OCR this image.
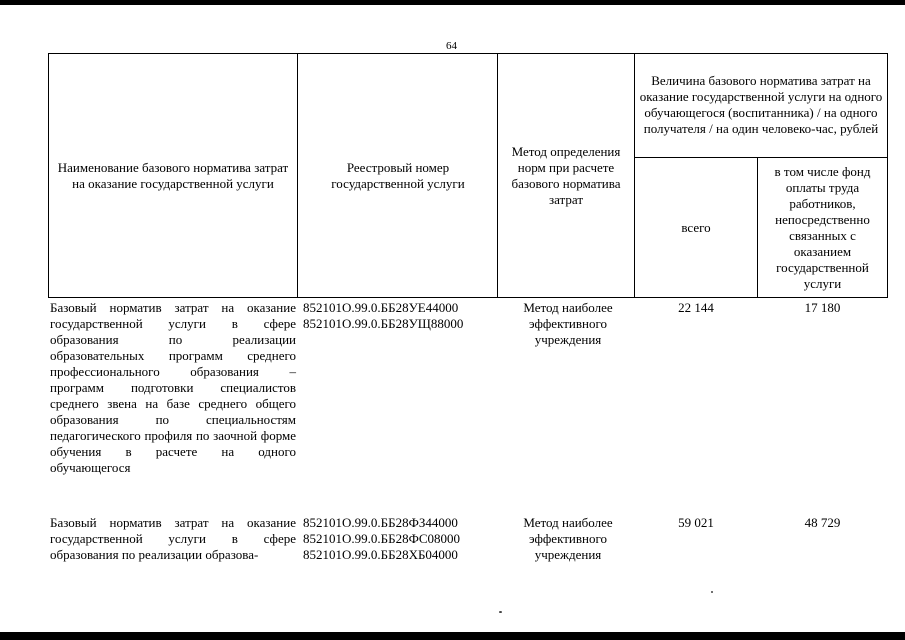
64
Наименование базового норматива затрат на оказание государственной услуги
Реестровый номер государственной услуги
Метод определения норм при расчете базового норматива затрат
Величина базового норматива затрат на оказание государственной услуги на одного обучающегося (воспитанника) / на одного получателя / на один человеко-час, рублей
всего
в том числе фонд оплаты труда работников, непосредственно связанных с оказанием государственной услуги
Базовый норматив затрат на оказание государственной услуги в сфере образования по реализации образовательных программ среднего профессионального образования – программ подготовки специалистов среднего звена на базе среднего общего образования по специальностям педагогического профиля по заочной форме обучения в расчете на одного обучающегося
852101О.99.0.ББ28УЕ44000
852101О.99.0.ББ28УЩ88000
Метод наиболее эффективного учреждения
22 144	17 180
Базовый норматив затрат на оказание государственной услуги в сфере образования по реализации образова-
852101О.99.0.ББ28ФЗ44000
852101О.99.0.ББ28ФС08000
852101О.99.0.ББ28ХБ04000
Метод наиболее эффективного учреждения
59 021	48 729
